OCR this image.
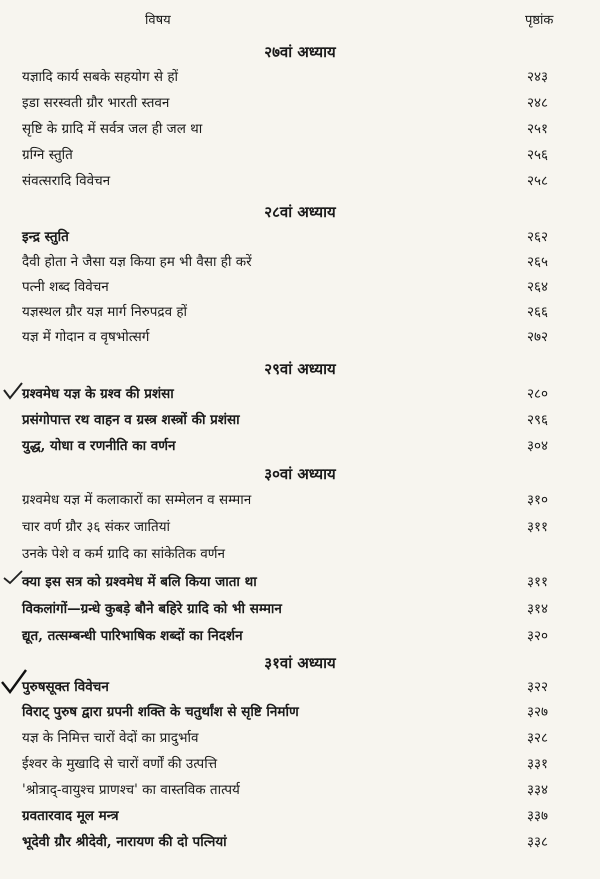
विषय	पृष्ठांक
२७वां अध्याय
यज्ञादि कार्य सबके सहयोग से हों	२४३
इडा सरस्वती ग्रौर भारती स्तवन	२४८
सृष्टि के ग्रादि में सर्वत्र जल ही जल था	२५१
ग्रग्नि स्तुति	२५६
संवत्सरादि विवेचन	२५८
२८वां अध्याय
इन्द्र स्तुति	२६२
दैवी होता ने जैसा यज्ञ किया हम भी वैसा ही करें	२६५
पत्नी शब्द विवेचन	२६४
यज्ञस्थल ग्रौर यज्ञ मार्ग निरुपद्रव हों	२६६
यज्ञ में गोदान व वृषभोत्सर्ग	२७२
२९वां अध्याय
ग्रश्वमेध यज्ञ के ग्रश्व की प्रशंसा	२८०
प्रसंगोपात्त रथ वाहन व ग्रस्त्र शस्त्रों की प्रशंसा	२९६
युद्ध, योधा व रणनीति का वर्णन	३०४
३०वां अध्याय
ग्रश्वमेध यज्ञ में कलाकारों का सम्मेलन व सम्मान	३१०
चार वर्ण ग्रौर ३६ संकर जातियां	३११
उनके पेशे व कर्म ग्रादि का सांकेतिक वर्णन
क्या इस सत्र को ग्रश्वमेध में बलि किया जाता था	३११
विकलांगों—ग्रन्धे कुबड़े बौने बहिरे ग्रादि को भी सम्मान	३१४
द्यूत, तत्सम्बन्धी पारिभाषिक शब्दों का निदर्शन	३२०
३१वां अध्याय
पुरुषसूक्त विवेचन	३२२
विराट् पुरुष द्वारा ग्रपनी शक्ति के चतुर्थांश से सृष्टि निर्माण	३२७
यज्ञ के निमित्त चारों वेदों का प्रादुर्भाव	३२८
ईश्वर के मुखादि से चारों वर्णों की उत्पत्ति	३३१
'श्रोत्राद्-वायुश्च प्राणश्च' का वास्तविक तात्पर्य	३३४
ग्रवतारवाद मूल मन्त्र	३३७
भूदेवी ग्रौर श्रीदेवी, नारायण की दो पत्नियां	३३८
